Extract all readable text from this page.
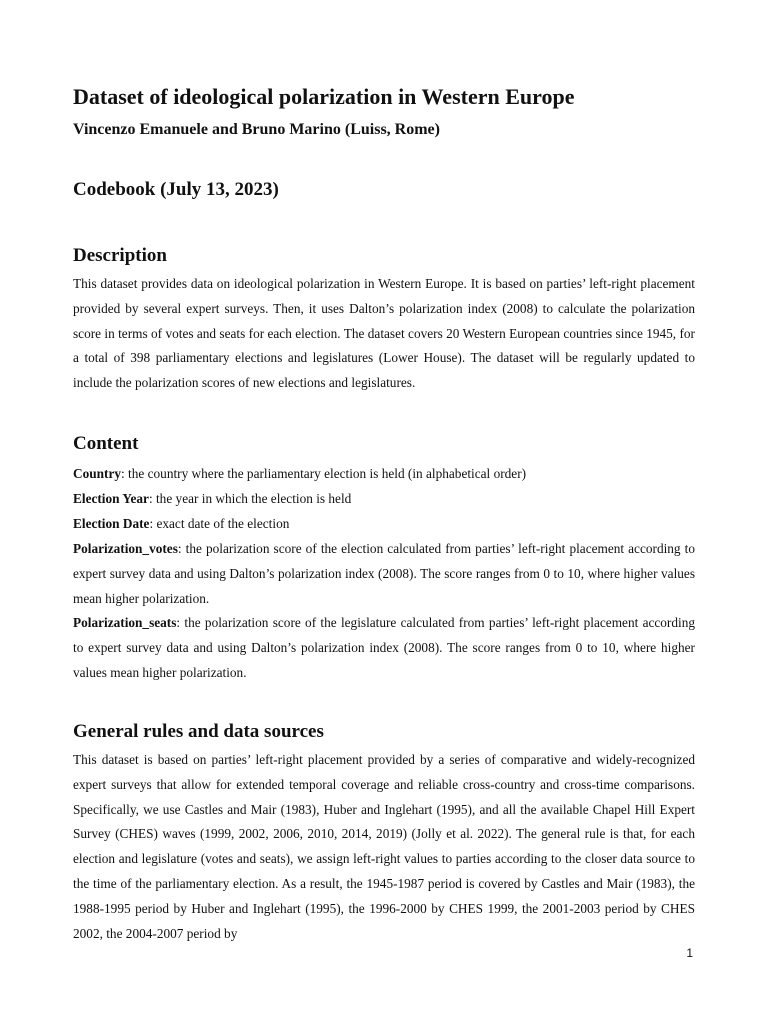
Dataset of ideological polarization in Western Europe
Vincenzo Emanuele and Bruno Marino (Luiss, Rome)
Codebook (July 13, 2023)
Description

This dataset provides data on ideological polarization in Western Europe. It is based on parties’ left-right placement provided by several expert surveys. Then, it uses Dalton’s polarization index (2008) to calculate the polarization score in terms of votes and seats for each election. The dataset covers 20 Western European countries since 1945, for a total of 398 parliamentary elections and legislatures (Lower House). The dataset will be regularly updated to include the polarization scores of new elections and legislatures.

Content

Country: the country where the parliamentary election is held (in alphabetical order)

Election Year: the year in which the election is held

Election Date: exact date of the election

Polarization_votes: the polarization score of the election calculated from parties’ left-right placement according to expert survey data and using Dalton’s polarization index (2008). The score ranges from 0 to 10, where higher values mean higher polarization.

Polarization_seats: the polarization score of the legislature calculated from parties’ left-right placement according to expert survey data and using Dalton’s polarization index (2008). The score ranges from 0 to 10, where higher values mean higher polarization.

General rules and data sources

This dataset is based on parties’ left-right placement provided by a series of comparative and widely-recognized expert surveys that allow for extended temporal coverage and reliable cross-country and cross-time comparisons. Specifically, we use Castles and Mair (1983), Huber and Inglehart (1995), and all the available Chapel Hill Expert Survey (CHES) waves (1999, 2002, 2006, 2010, 2014, 2019) (Jolly et al. 2022). The general rule is that, for each election and legislature (votes and seats), we assign left-right values to parties according to the closer data source to the time of the parliamentary election. As a result, the 1945-1987 period is covered by Castles and Mair (1983), the 1988-1995 period by Huber and Inglehart (1995), the 1996-2000 by CHES 1999, the 2001-2003 period by CHES 2002, the 2004-2007 period by

1
